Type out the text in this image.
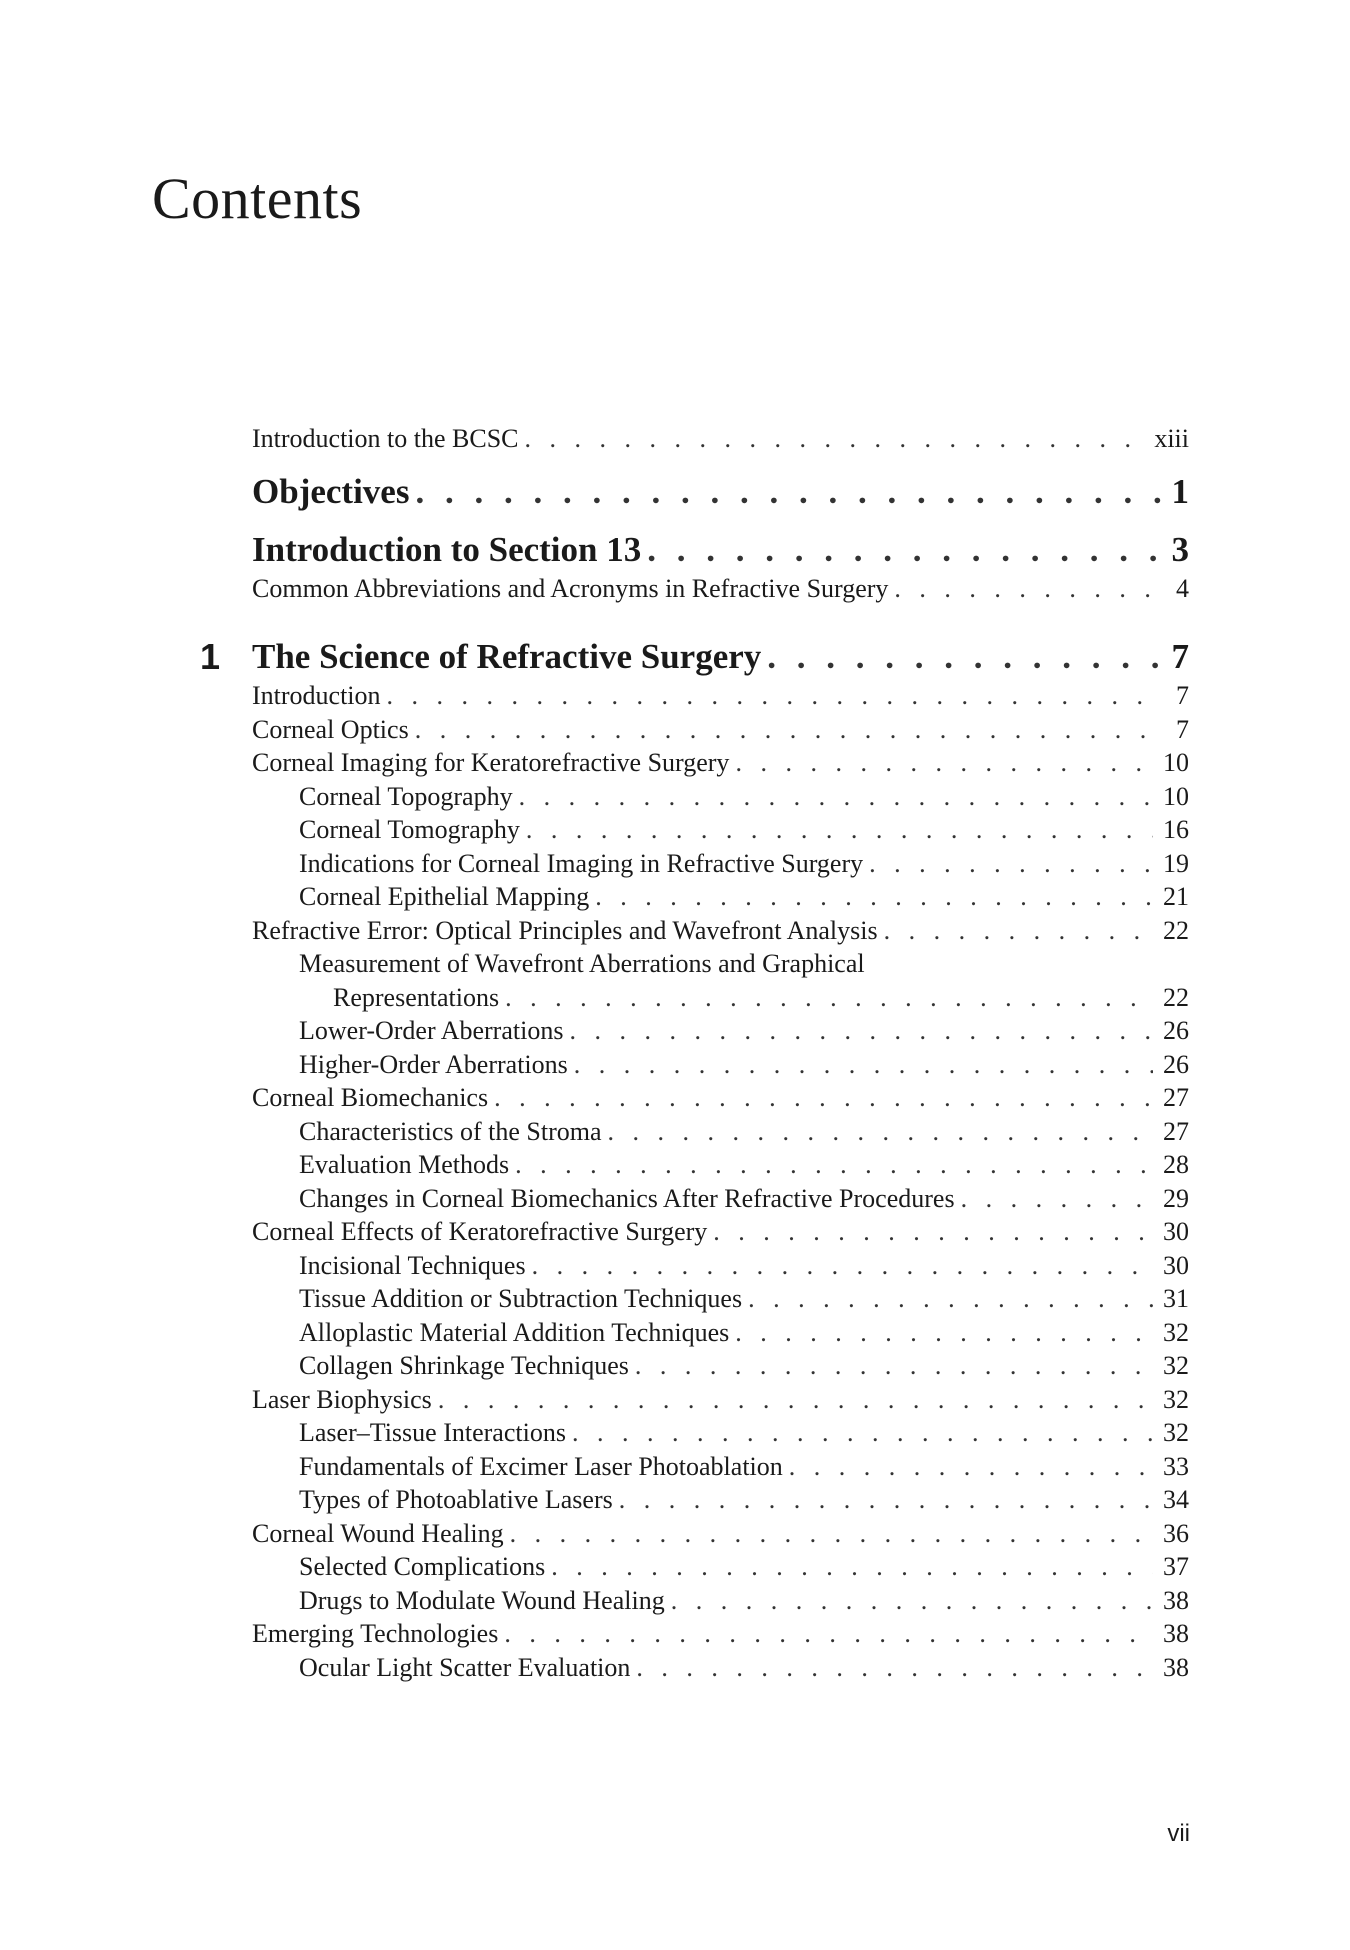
Contents
Introduction to the BCSC . . .	xiii
Objectives . . .	1
Introduction to Section 13 . . .	3
Common Abbreviations and Acronyms in Refractive Surgery . . .	4
1 The Science of Refractive Surgery . . .	7
Introduction . . .	7
Corneal Optics . . .	7
Corneal Imaging for Keratorefractive Surgery . . .	10
Corneal Topography . . .	10
Corneal Tomography . . .	16
Indications for Corneal Imaging in Refractive Surgery . . .	19
Corneal Epithelial Mapping . . .	21
Refractive Error: Optical Principles and Wavefront Analysis . . .	22
Measurement of Wavefront Aberrations and Graphical
Representations . . .	22
Lower-Order Aberrations . . .	26
Higher-Order Aberrations . . .	26
Corneal Biomechanics . . .	27
Characteristics of the Stroma . . .	27
Evaluation Methods . . .	28
Changes in Corneal Biomechanics After Refractive Procedures . . .	29
Corneal Effects of Keratorefractive Surgery . . .	30
Incisional Techniques . . .	30
Tissue Addition or Subtraction Techniques . . .	31
Alloplastic Material Addition Techniques . . .	32
Collagen Shrinkage Techniques . . .	32
Laser Biophysics . . .	32
Laser–Tissue Interactions . . .	32
Fundamentals of Excimer Laser Photoablation . . .	33
Types of Photoablative Lasers . . .	34
Corneal Wound Healing . . .	36
Selected Complications . . .	37
Drugs to Modulate Wound Healing . . .	38
Emerging Technologies . . .	38
Ocular Light Scatter Evaluation . . .	38
vii
